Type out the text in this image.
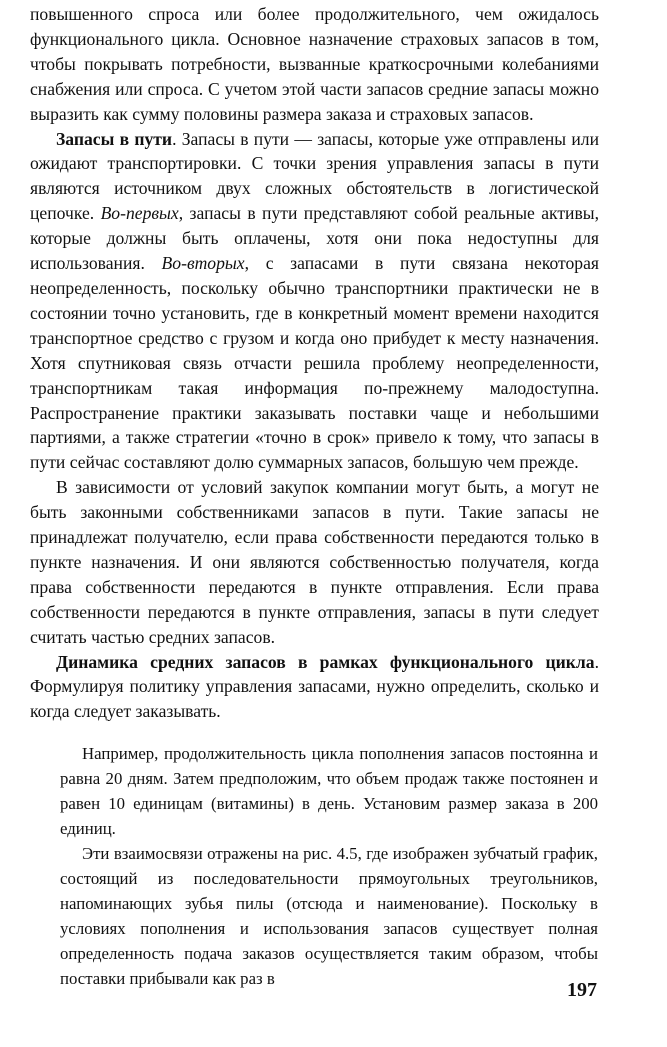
повышенного спроса или более продолжительного, чем ожидалось функционального цикла. Основное назначение страховых запасов в том, чтобы покрывать потребности, вызванные краткосрочными колебаниями снабжения или спроса. С учетом этой части запасов средние запасы можно выразить как сумму половины размера заказа и страховых запасов.

Запасы в пути. Запасы в пути — запасы, которые уже отправлены или ожидают транспортировки. С точки зрения управления запасы в пути являются источником двух сложных обстоятельств в логистической цепочке. Во-первых, запасы в пути представляют собой реальные активы, которые должны быть оплачены, хотя они пока недоступны для использования. Во-вторых, с запасами в пути связана некоторая неопределенность, поскольку обычно транспортники практически не в состоянии точно установить, где в конкретный момент времени находится транспортное средство с грузом и когда оно прибудет к месту назначения. Хотя спутниковая связь отчасти решила проблему неопределенности, транспортникам такая информация по-прежнему малодоступна. Распространение практики заказывать поставки чаще и небольшими партиями, а также стратегии «точно в срок» привело к тому, что запасы в пути сейчас составляют долю суммарных запасов, большую чем прежде.

В зависимости от условий закупок компании могут быть, а могут не быть законными собственниками запасов в пути. Такие запасы не принадлежат получателю, если права собственности передаются только в пункте назначения. И они являются собственностью получателя, когда права собственности передаются в пункте отправления. Если права собственности передаются в пункте отправления, запасы в пути следует считать частью средних запасов.

Динамика средних запасов в рамках функционального цикла. Формулируя политику управления запасами, нужно определить, сколько и когда следует заказывать.

Например, продолжительность цикла пополнения запасов постоянна и равна 20 дням. Затем предположим, что объем продаж также постоянен и равен 10 единицам (витамины) в день. Установим размер заказа в 200 единиц.

Эти взаимосвязи отражены на рис. 4.5, где изображен зубчатый график, состоящий из последовательности прямоугольных треугольников, напоминающих зубья пилы (отсюда и наименование). Поскольку в условиях пополнения и использования запасов существует полная определенность подача заказов осуществляется таким образом, чтобы поставки прибывали как раз в

197
